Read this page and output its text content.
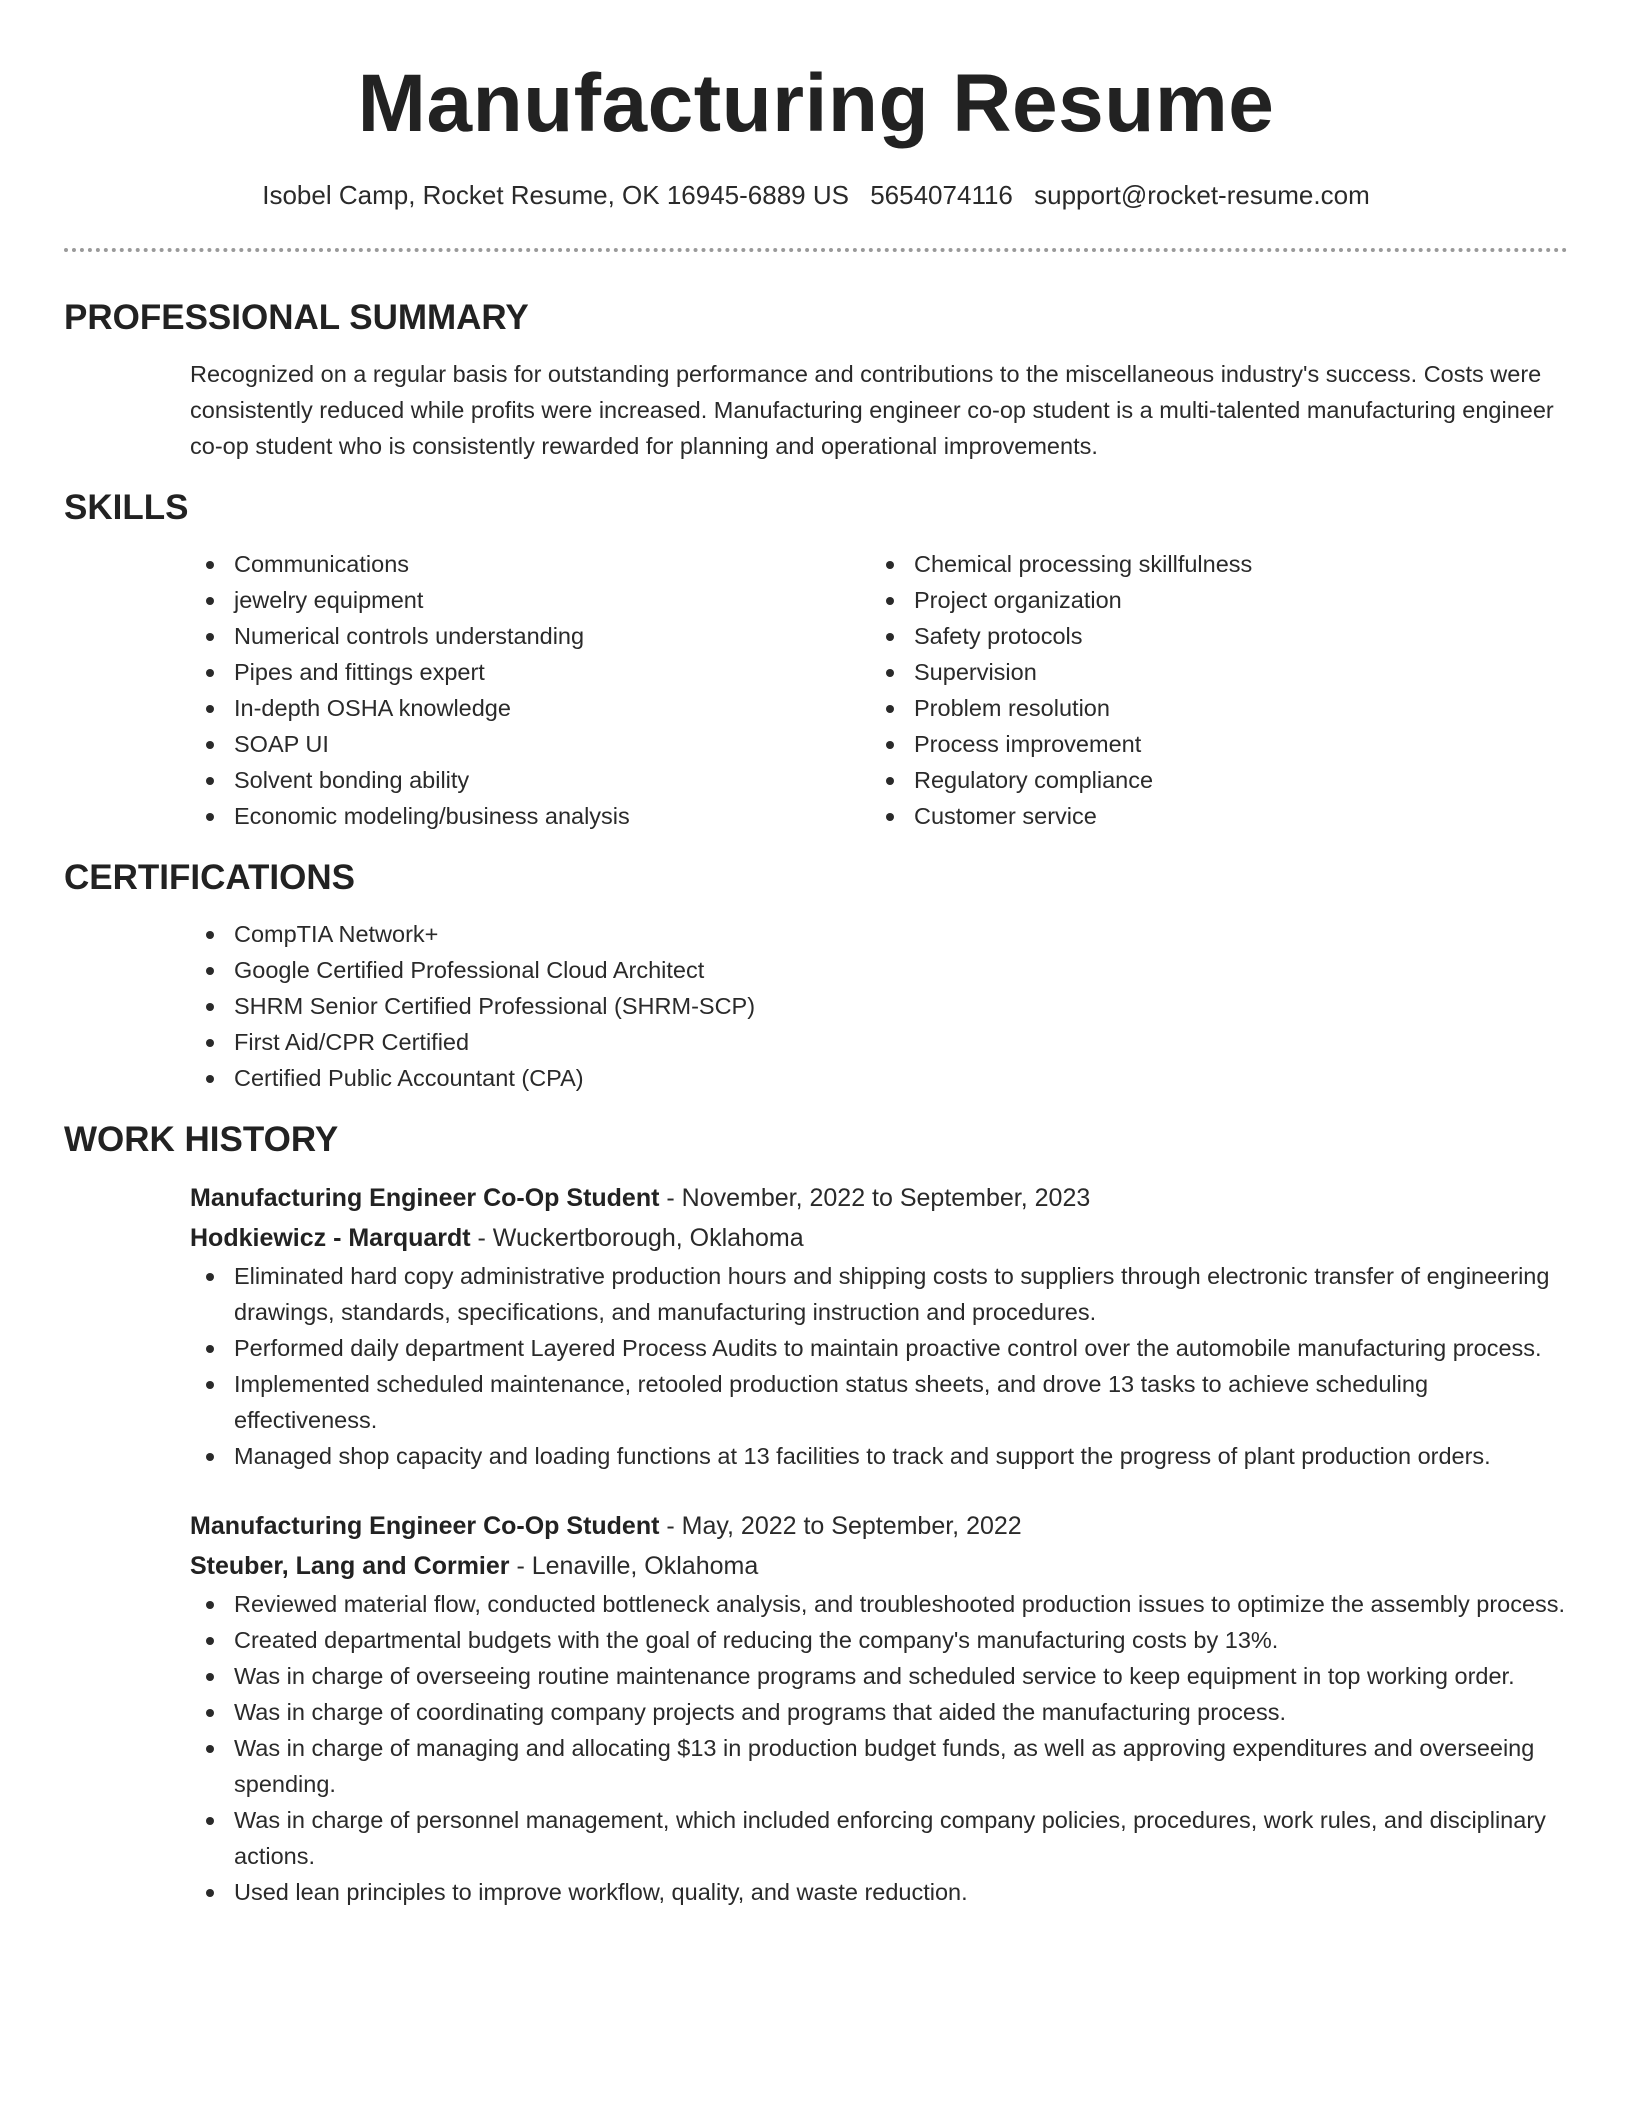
Manufacturing Resume
Isobel Camp, Rocket Resume, OK 16945-6889 US 5654074116 support@rocket-resume.com
PROFESSIONAL SUMMARY

Recognized on a regular basis for outstanding performance and contributions to the miscellaneous industry's success. Costs were consistently reduced while profits were increased. Manufacturing engineer co-op student is a multi-talented manufacturing engineer co-op student who is consistently rewarded for planning and operational improvements.

SKILLS
Communications
jewelry equipment
Numerical controls understanding
Pipes and fittings expert
In-depth OSHA knowledge
SOAP UI
Solvent bonding ability
Economic modeling/business analysis
Chemical processing skillfulness
Project organization
Safety protocols
Supervision
Problem resolution
Process improvement
Regulatory compliance
Customer service
CERTIFICATIONS
CompTIA Network+
Google Certified Professional Cloud Architect
SHRM Senior Certified Professional (SHRM-SCP)
First Aid/CPR Certified
Certified Public Accountant (CPA)
WORK HISTORY
Manufacturing Engineer Co-Op Student - November, 2022 to September, 2023
Hodkiewicz - Marquardt - Wuckertborough, Oklahoma
Eliminated hard copy administrative production hours and shipping costs to suppliers through electronic transfer of engineering drawings, standards, specifications, and manufacturing instruction and procedures.
Performed daily department Layered Process Audits to maintain proactive control over the automobile manufacturing process.
Implemented scheduled maintenance, retooled production status sheets, and drove 13 tasks to achieve scheduling effectiveness.
Managed shop capacity and loading functions at 13 facilities to track and support the progress of plant production orders.
Manufacturing Engineer Co-Op Student - May, 2022 to September, 2022
Steuber, Lang and Cormier - Lenaville, Oklahoma
Reviewed material flow, conducted bottleneck analysis, and troubleshooted production issues to optimize the assembly process.
Created departmental budgets with the goal of reducing the company's manufacturing costs by 13%.
Was in charge of overseeing routine maintenance programs and scheduled service to keep equipment in top working order.
Was in charge of coordinating company projects and programs that aided the manufacturing process.
Was in charge of managing and allocating $13 in production budget funds, as well as approving expenditures and overseeing spending.
Was in charge of personnel management, which included enforcing company policies, procedures, work rules, and disciplinary actions.
Used lean principles to improve workflow, quality, and waste reduction.
